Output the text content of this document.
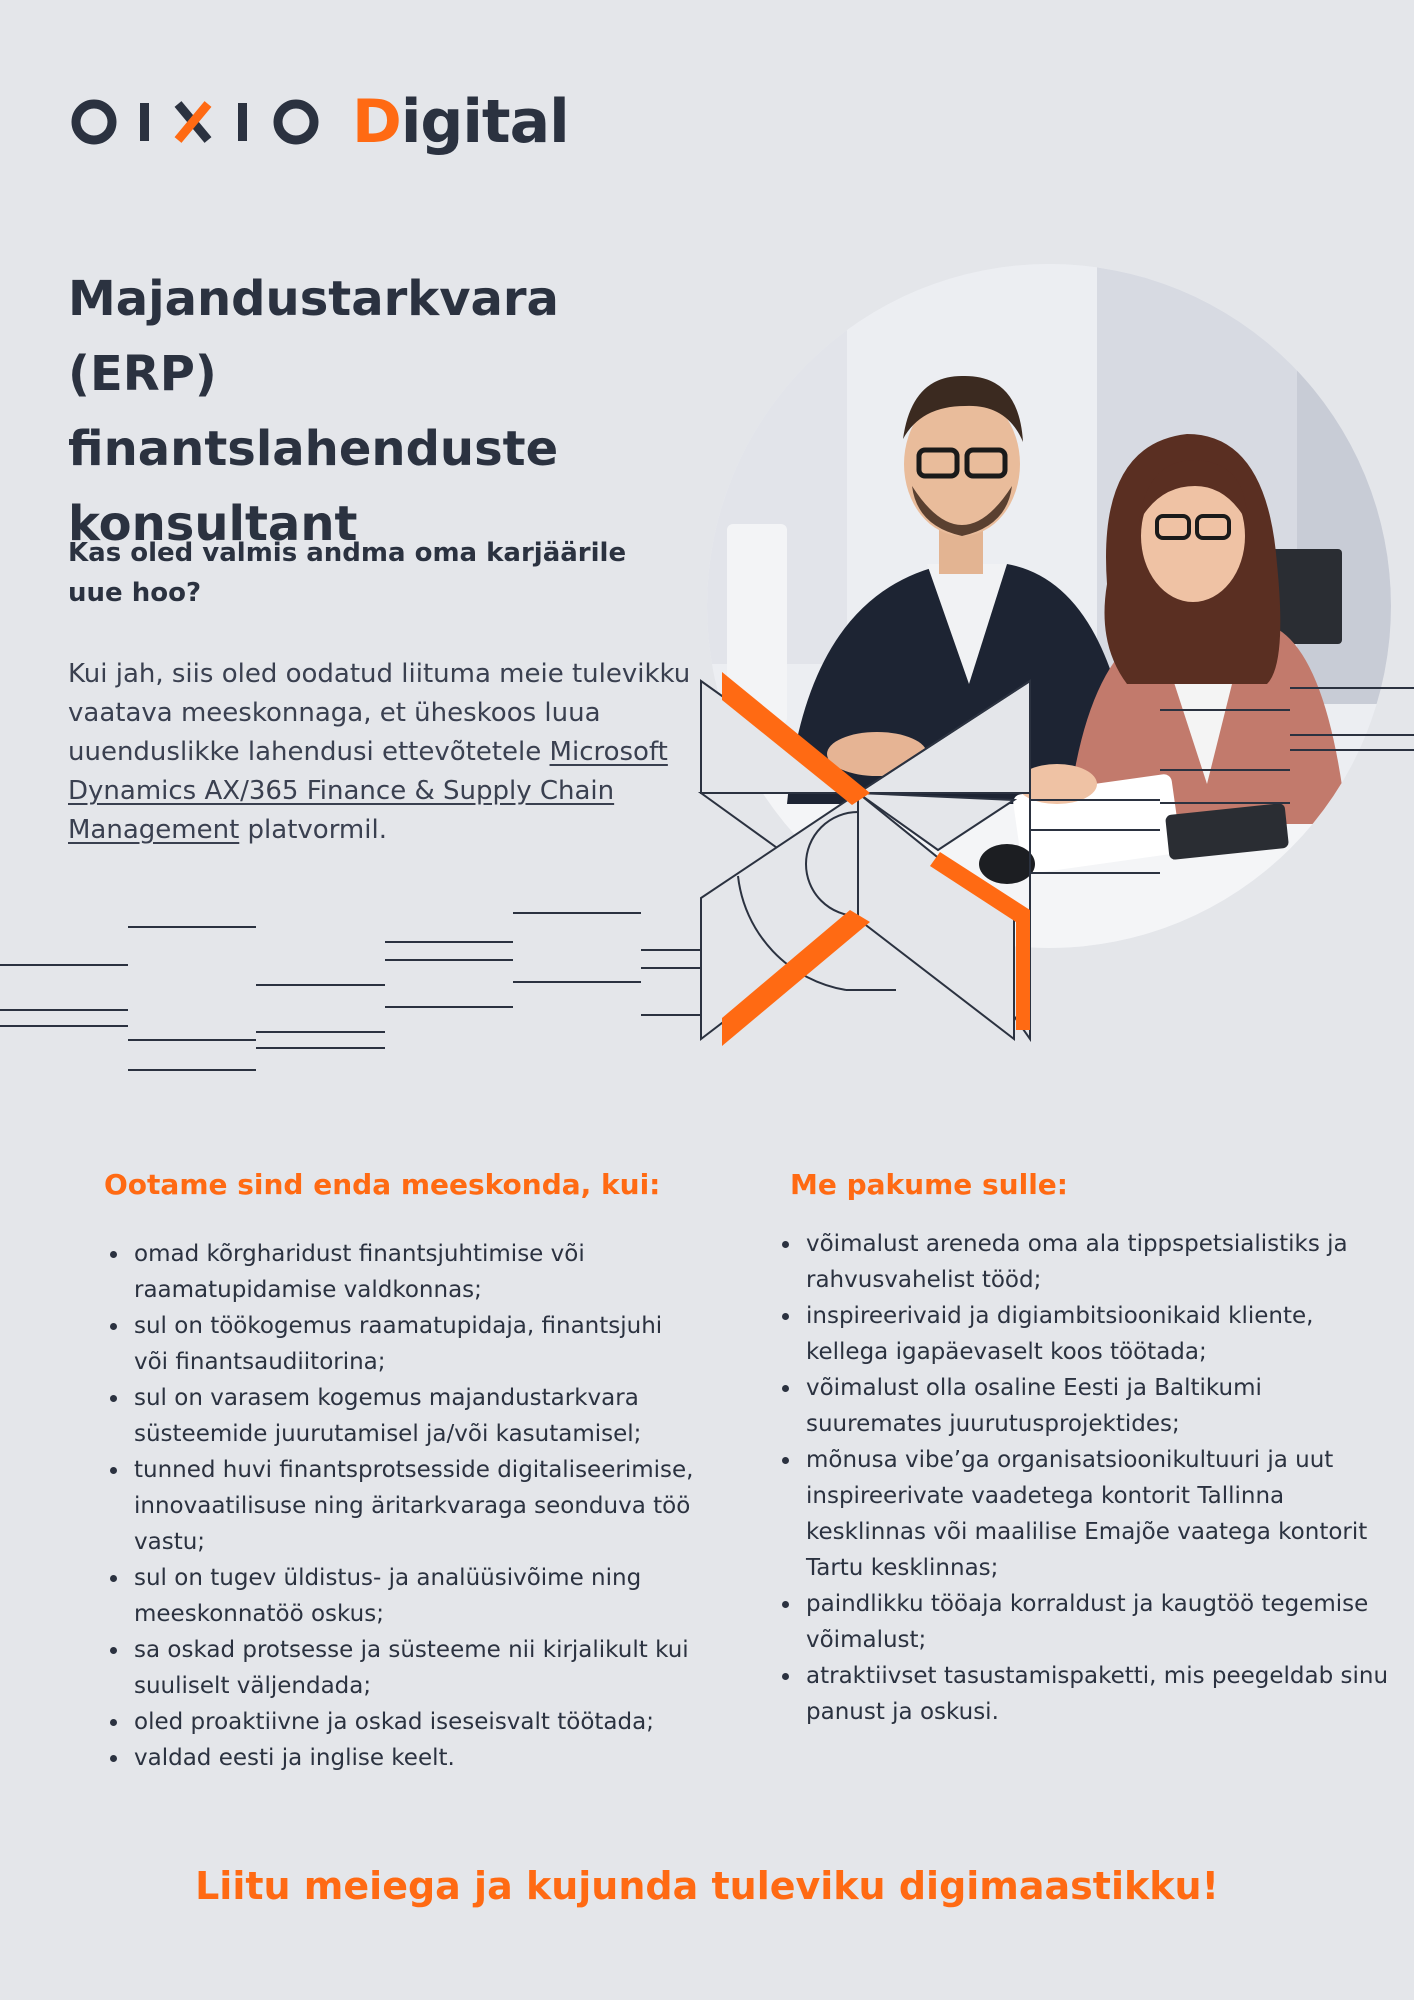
Digital
Majandustarkvara
(ERP) finantslahenduste
konsultant
Kas oled valmis andma oma karjäärile uue hoo?
Kui jah, siis oled oodatud liituma meie tulevikku vaatava meeskonnaga, et üheskoos luua uuenduslikke lahendusi ettevõtetele Microsoft Dynamics AX/365 Finance & Supply Chain Management platvormil.
Ootame sind enda meeskonda, kui:
• omad kõrgharidust finantsjuhtimise või raamatupidamise valdkonnas;
• sul on töökogemus raamatupidaja, finantsjuhi või finantsaudiitorina;
• sul on varasem kogemus majandustarkvara süsteemide juurutamisel ja/või kasutamisel;
• tunned huvi finantsprotsesside digitaliseerimise, innovaatilisuse ning äritarkvaraga seonduva töö vastu;
• sul on tugev üldistus- ja analüüsivõime ning meeskonnatöö oskus;
• sa oskad protsesse ja süsteeme nii kirjalikult kui suuliselt väljendada;
• oled proaktiivne ja oskad iseseisvalt töötada;
• valdad eesti ja inglise keelt.
Me pakume sulle:
• võimalust areneda oma ala tippspetsialistiks ja rahvusvahelist tööd;
• inspireerivaid ja digiambitsioonikaid kliente, kellega igapäevaselt koos töötada;
• võimalust olla osaline Eesti ja Baltikumi suuremates juurutusprojektides;
• mõnusa vibe’ga organisatsioonikultuuri ja uut inspireerivate vaadetega kontorit Tallinna kesklinnas või maalilise Emajõe vaatega kontorit Tartu kesklinnas;
• paindlikku tööaja korraldust ja kaugtöö tegemise võimalust;
• atraktiivset tasustamispaketti, mis peegeldab sinu panust ja oskusi.
Liitu meiega ja kujunda tuleviku digimaastikku!
